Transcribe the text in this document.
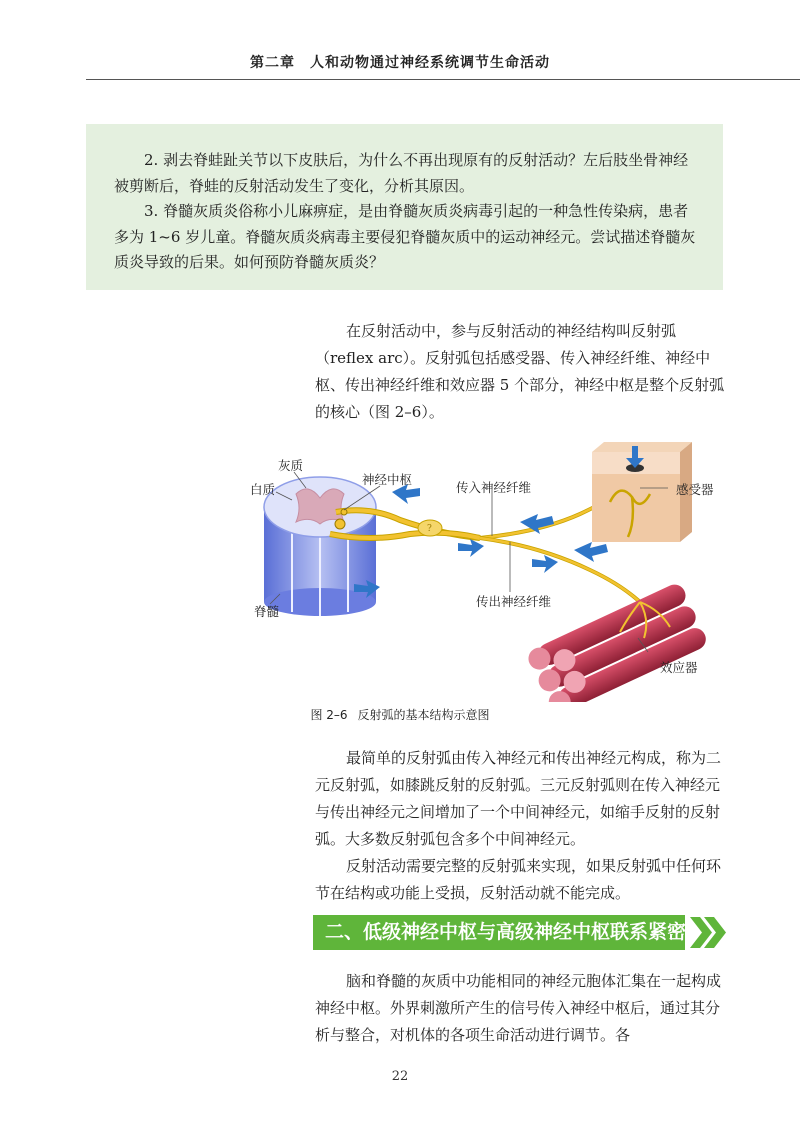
第二章　人和动物通过神经系统调节生命活动

2. 剥去脊蛙趾关节以下皮肤后，为什么不再出现原有的反射活动？左后肢坐骨神经被剪断后，脊蛙的反射活动发生了变化，分析其原因。

3. 脊髓灰质炎俗称小儿麻痹症，是由脊髓灰质炎病毒引起的一种急性传染病，患者多为 1~6 岁儿童。脊髓灰质炎病毒主要侵犯脊髓灰质中的运动神经元。尝试描述脊髓灰质炎导致的后果。如何预防脊髓灰质炎？

在反射活动中，参与反射活动的神经结构叫反射弧（reflex arc）。反射弧包括感受器、传入神经纤维、神经中枢、传出神经纤维和效应器 5 个部分，神经中枢是整个反射弧的核心（图 2–6）。

?
灰质
白质
神经中枢
传入神经纤维	感受器
脊髓
传出神经纤维
效应器
图 2–6 反射弧的基本结构示意图

最简单的反射弧由传入神经元和传出神经元构成，称为二元反射弧，如膝跳反射的反射弧。三元反射弧则在传入神经元与传出神经元之间增加了一个中间神经元，如缩手反射的反射弧。大多数反射弧包含多个中间神经元。

反射活动需要完整的反射弧来实现，如果反射弧中任何环节在结构或功能上受损，反射活动就不能完成。

二、低级神经中枢与高级神经中枢联系紧密

脑和脊髓的灰质中功能相同的神经元胞体汇集在一起构成神经中枢。外界刺激所产生的信号传入神经中枢后，通过其分析与整合，对机体的各项生命活动进行调节。各

22
